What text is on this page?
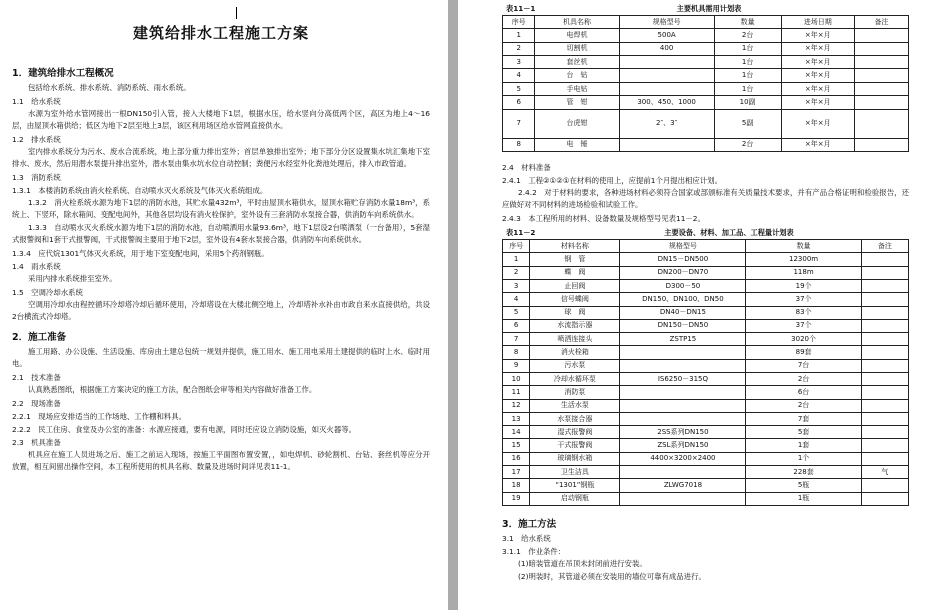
建筑给排水工程施工方案
1．建筑给排水工程概况

包括给水系统、排水系统、消防系统、雨水系统。

1.1　给水系统

水源为室外给水管网接出一根DN150引入管，接入大楼地下1层，根据水压，给水竖向分高低两个区，高区为地上4～16层，由屋顶水箱供给；低区为地下2层至地上3层，该区利用场区给水管网直接供水。

1.2　排水系统

室内排水系统分为污水、废水合流系统，地上部分重力排出室外；首层单独排出室外；地下部分分区设置集水坑汇集地下室排水、废水，然后用潜水泵提升排出室外，潜水泵由集水坑水位自动控制；粪便污水经室外化粪池处理后，排入市政管道。

1.3　消防系统
1.3.1　本楼消防系统由消火栓系统、自动喷水灭火系统及气体灭火系统组成。

1.3.2　消火栓系统水源为地下1层的消防水池，其贮水量432m³，平时由屋顶水箱供水，屋顶水箱贮存消防水量18m³，系统上、下竖环，除水箱间、变配电间外，其他各层均设有消火栓保护，室外设有三套消防水泵接合器，供消防车向系统供水。

1.3.3　自动喷水灭火系统水源为地下1层的消防水池，自动喷洒用水量93.6m³，地下1层设2台喷洒泵（一台备用），5套湿式报警阀和1套干式报警阀，干式报警阀主要用于地下2层，室外设有4套水泵接合器，供消防车向系统供水。

1.3.4　应代烷1301气体灭火系统，用于地下室变配电间，采用5个药剂钢瓶。
1.4　雨水系统

采用内排水系统排至室外。

1.5　空调冷却水系统

空调用冷却水由程控循环冷却塔冷却后循环使用，冷却塔设在大楼北侧空地上，冷却塔补水补由市政自来水直接供给，共设2台横流式冷却塔。

2．施工准备

施工用路、办公设施、生活设施、库房由土建总包统一规划并提供，施工用水、施工用电采用土建提供的临时上水、临时用电。

2.1　技术准备

认真熟悉图纸，根据施工方案决定的施工方法，配合图纸会审等相关内容做好准备工作。

2.2　现场准备
2.2.1　现场应安排适当的工作场地、工作棚和料具。
2.2.2　民工住房、食堂及办公室的准备：水源应接通，要有电源，同时还应设立消防设施，如灭火器等。
2.3　机具准备

机具应在施工人员进场之后、施工之前运入现场，按施工平面图布置安置，，如电焊机、砂轮割机、台钻、套丝机等应分开放置，相互间留出操作空间，本工程所使用的机具名称、数量及进场时间详见表11-1。

表11－1	主要机具需用计划表
序号	机具名称	规格型号	数量	进场日期	备注
1	电焊机	500A	2台	×年×月	
2	切割机	400	1台	×年×月	
3	套丝机		1台	×年×月	
4	台　钻		1台	×年×月	
5	手电钻		1台	×年×月	
6	管　钳	300、450、1000	10副	×年×月	
7	台虎钳	2″、3″	5副	×年×月	
8	电　锤		2台	×年×月	
2.4　材料准备
2.4.1　工程②①②①在材料的使用上，应提前1个月提出相应计划。

2.4.2　对于材料的要求，各种进场材料必须符合国家或部颁标准有关质量技术要求，并有产品合格证明和检验报告，还应做好对不同材料的进场检验和试验工作。

2.4.3　本工程所用的材料、设备数量及规格型号见表11－2。
表11－2	主要设备、材料、加工品、工程量计划表
序号	材料名称	规格型号	数量	备注
1	钢　管	DN15－DN500	12300m	
2	蝶　阀	DN200－DN70	118m	
3	止回阀	D300－50	19个	
4	信号蝶阀	DN150、DN100、DN50	37个	
5	球　阀	DN40－DN15	83个	
6	水流指示器	DN150－DN50	37个	
7	喷洒连接头	ZSTP15	3020个	
8	消火栓箱		89套	
9	污水泵		7台	
10	冷却水循环泵	IS6250－315Q	2台	
11	消防泵		6台	
12	生活水泵		2台	
13	水泵接合器		7套	
14	湿式报警阀	2SS系列DN150	5套	
15	干式报警阀	ZSL系列DN150	1套	
16	玻璃钢水箱	4400×3200×2400	1个	
17	卫生洁具		228套	气
18	“1301”钢瓶	ZLWG7018	5瓶	
19	启动钢瓶		1瓶	
3．施工方法
3.1　给水系统
3.1.1　作业条件：

(1)暗装管道在吊顶未封闭前进行安装。

(2)明装时，其管道必须在安装用的墙位可靠有成品进行。
